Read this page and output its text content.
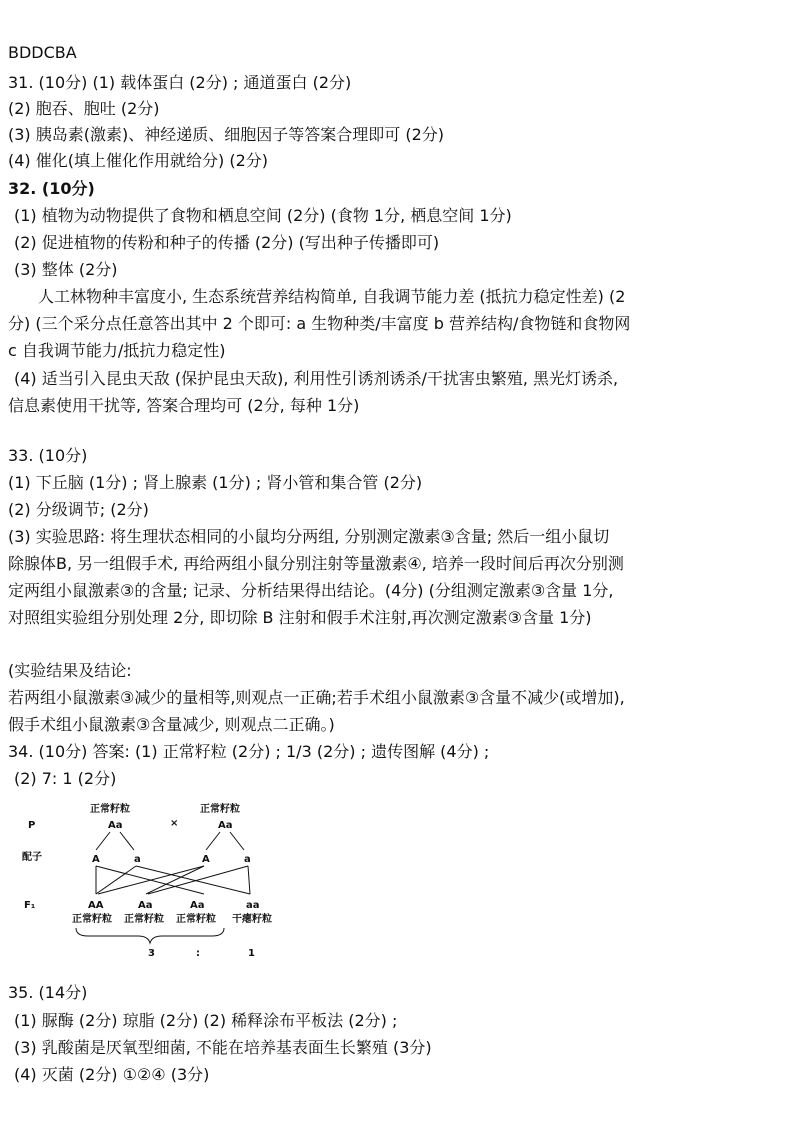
BDDCBA
31. (10分) (1) 载体蛋白 (2分) ; 通道蛋白 (2分)
(2) 胞吞、胞吐 (2分)
(3) 胰岛素(激素)、神经递质、细胞因子等答案合理即可 (2分)
(4) 催化(填上催化作用就给分) (2分)
32. (10分)
(1) 植物为动物提供了食物和栖息空间 (2分) (食物 1分, 栖息空间 1分)
(2) 促进植物的传粉和种子的传播 (2分) (写出种子传播即可)
(3) 整体 (2分)
人工林物种丰富度小, 生态系统营养结构简单, 自我调节能力差 (抵抗力稳定性差) (2
分) (三个采分点任意答出其中 2 个即可: a 生物种类/丰富度 b 营养结构/食物链和食物网
c 自我调节能力/抵抗力稳定性)
(4) 适当引入昆虫天敌 (保护昆虫天敌), 利用性引诱剂诱杀/干扰害虫繁殖, 黑光灯诱杀,
信息素使用干扰等, 答案合理均可 (2分, 每种 1分)
33. (10分)
(1) 下丘脑 (1分) ; 肾上腺素 (1分) ; 肾小管和集合管 (2分)
(2) 分级调节; (2分)
(3) 实验思路: 将生理状态相同的小鼠均分两组, 分别测定激素③含量; 然后一组小鼠切
除腺体B, 另一组假手术, 再给两组小鼠分别注射等量激素④, 培养一段时间后再次分别测
定两组小鼠激素③的含量; 记录、分析结果得出结论。(4分) (分组测定激素③含量 1分,
对照组实验组分别处理 2分, 即切除 B 注射和假手术注射,再次测定激素③含量 1分)
(实验结果及结论:
若两组小鼠激素③减少的量相等,则观点一正确;若手术组小鼠激素③含量不减少(或增加),
假手术组小鼠激素③含量减少, 则观点二正确。)
34. (10分) 答案: (1) 正常籽粒 (2分) ; 1/3 (2分) ; 遗传图解 (4分) ;
(2) 7: 1 (2分)
P
配子
F₁
正常籽粒
Aa	×
正常籽粒
Aa
A	a	A	a
AA	Aa	Aa	aa
正常籽粒 正常籽粒 正常籽粒 干瘪籽粒
3	:	1
35. (14分)
(1) 脲酶 (2分) 琼脂 (2分) (2) 稀释涂布平板法 (2分) ;
(3) 乳酸菌是厌氧型细菌, 不能在培养基表面生长繁殖 (3分)
(4) 灭菌 (2分) ①②④ (3分)
